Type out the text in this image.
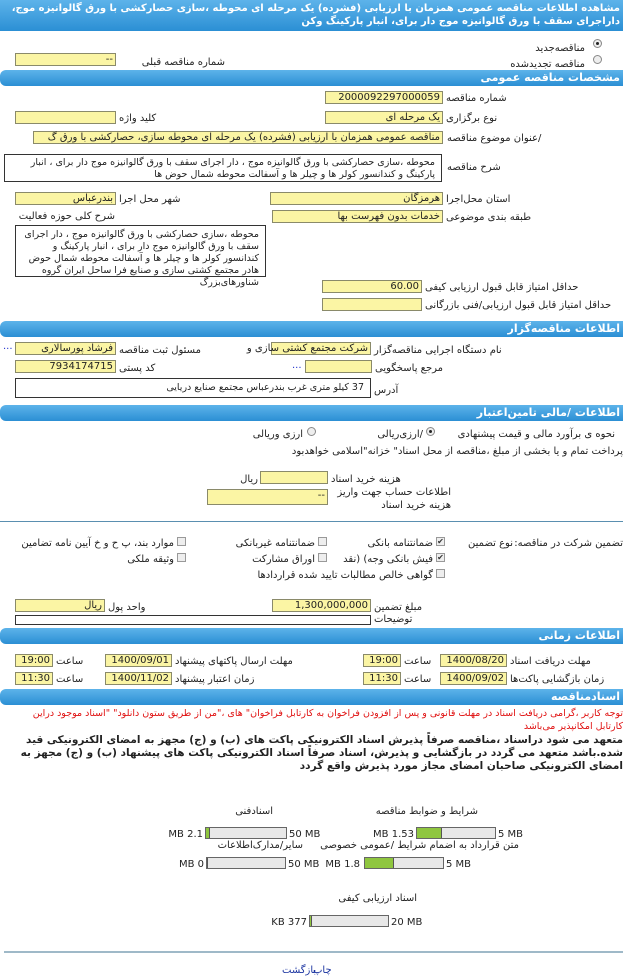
مشاهده اطلاعات مناقصه عمومی همزمان با ارزیابی (فشرده) یک مرحله ای محوطه ،سازی حصارکشی با ورق گالوانیزه موج، داراجرای سقف با ورق گالوانیزه موج دار برای، انبار پارکینگ وکن
مناقصه‌جدید
مناقصه تجدیدشده
شماره مناقصه قبلی
--
مشخصات مناقصه عمومی
شماره مناقصه
2000092297000059
نوع برگزاری
یک مرحله ای
کلید واژه
/عنوان موضوع مناقصه
مناقصه عمومی همزمان با ارزیابی (فشرده) یک مرحله ای محوطه سازی، حصارکشی با ورق گ
شرح مناقصه
محوطه ،سازی حصارکشی با ورق گالوانیزه موج ، دار اجرای سقف با ورق گالوانیزه موج دار برای ، انبار پارکینگ و کندانسور کولر ها و چیلر ها و آسفالت محوطه شمال حوض ها
استان محل‌اجرا
هرمزگان
شهر محل اجرا
بندرعباس
طبقه بندی موضوعی
خدمات بدون فهرست بها
شرح کلی حوزه فعالیت
محوطه ،سازی حصارکشی با ورق گالوانیزه موج ، دار اجرای سقف با ورق گالوانیزه موج دار برای ، انبار پارکینگ و کندانسور کولر ها و چیلر ها و آسفالت محوطه شمال حوض هادر مجتمع کشتی سازی و صنایع فرا ساحل ایران گروه شناورهای‌بزرگ	حداقل امتیاز قابل قبول ارزیابی کیفی
60.00
حداقل امتیاز قابل قبول ارزیابی/فنی بازرگانی
اطلاعات مناقصه‌گزار
نام دستگاه اجرایی مناقصه‌گزار
شرکت مجتمع کشتی سازی و
مسئول ثبت مناقصه
فرشاد پورسالاری
...
مرجع پاسخگویی
...
کد پستی
7934174715
آدرس
37 کیلو متری غرب بندرعباس مجتمع صنایع دریایی
اطلاعات /مالی تامین‌اعتبار
نحوه ی برآورد مالی و قیمت پیشنهادی
/ارزی‌ریالی
ارزی وریالی
پرداخت تمام و یا بخشی از مبلغ ،مناقصه از محل اسناد" خزانه"اسلامی خواهد‌بود
هزینه خرید اسناد
ریال
اطلاعات حساب جهت واریز هزینه خرید اسناد
--
تضمین شرکت در مناقصه:
نوع تضمین
✔
ضمانتنامه بانکی
ضمانتنامه غیربانکی
موارد بند، پ ح و خ آیین نامه تضامین
✔
فیش بانکی وجه) (نقد
اوراق مشارکت
وثیقه ملکی
گواهی خالص مطالبات تایید شده قراردادها
مبلغ تضمین
1,300,000,000
واحد پول
ریال
توضیحات
اطلاعات زمانی
مهلت دریافت اسناد
1400/08/20
ساعت
19:00
مهلت ارسال پاکتهای پیشنهاد
1400/09/01
ساعت
19:00
زمان بازگشایی پاکت‌ها
1400/09/02
ساعت
11:30
زمان اعتبار پیشنهاد
1400/11/02
ساعت
11:30
اسنادمناقصه
توجه کاربر ،گرامی دریافت اسناد در مهلت قانونی و پس از افزودن فراخوان به کارتابل فراخوان" های ،"من از طریق ستون دانلود" "اسناد موجود دراین کارتابل امکانپذیر می‌باشد
متعهد می شود دراسناد ،مناقصه صرفاً پذیرش اسناد الکترونیکی پاکت های (ب) و (ج) مجهز به امضای الکترونیکی قید شده.باشد متعهد می گردد در بازگشایی و پذیرش، اسناد صرفاً اسناد الکترونیکی پاکت های پیشنهاد (ب) و (ج) مجهز به امضای الکترونیکی صاحبان امضای مجاز مورد پذیرش واقع گردد
شرایط و ضوابط مناقصه
1.53 MB	5 MB
اسنادفنی
2.1 MB	50 MB
متن قرارداد به اضمام شرایط /عمومی خصوصی
1.8 MB	5 MB
سایر/مدارک‌اطلاعات
0 MB	50 MB
اسناد ارزیابی کیفی
377 KB	20 MB
چاپ
بازگشت
